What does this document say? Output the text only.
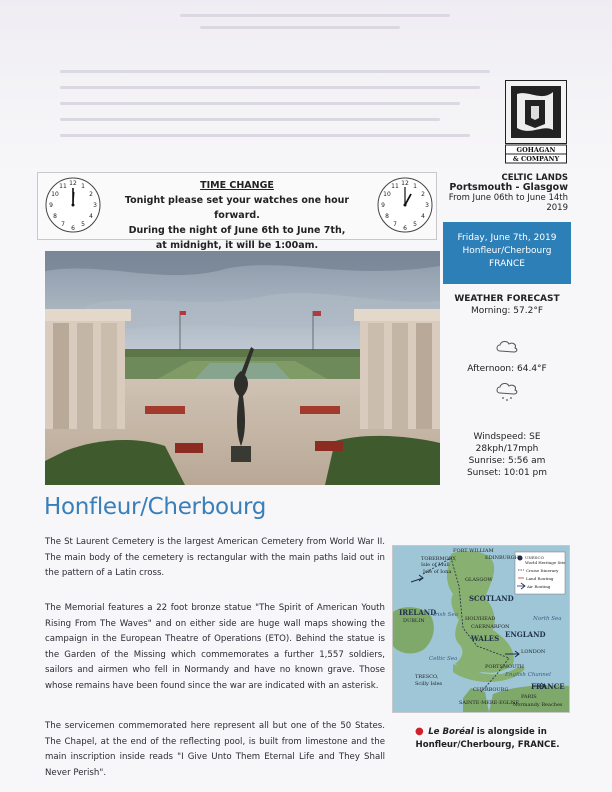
12 1
2
3
4
5
6
7
8
9
10
11	TIME CHANGE
Tonight please set your watches one hour forward.
During the night of June 6th to June 7th,
at midnight, it will be 1:00am.
12 1
2
3
4
5
6
7
8
9
10
11
GOHAGAN
& COMPANY
CELTIC LANDS
Portsmouth - Glasgow
From June 06th to June 14th 2019
Friday, June 7th, 2019
Honfleur/Cherbourg
FRANCE
WEATHER FORECAST
Morning: 57.2°F
Afternoon: 64.4°F
Windspeed: SE 28kph/17mph
Sunrise: 5:56 am
Sunset: 10:01 pm
Honfleur/Cherbourg
The St Laurent Cemetery is the largest American Cemetery from World War II. The main body of the cemetery is rectangular with the main paths laid out in the pattern of a Latin cross.
The Memorial features a 22 foot bronze statue "The Spirit of American Youth Rising From The Waves" and on either side are huge wall maps showing the campaign in the European Theatre of Operations (ETO). Behind the statue is the Garden of the Missing which commemorates a further 1,557 soldiers, sailors and airmen who fell in Normandy and have no known grave. Those whose remains have been found since the war are indicated with an asterisk.
The servicemen commemorated here represent all but one of the 50 States. The Chapel, at the end of the reflecting pool, is built from limestone and the main inscription inside reads "I Give Unto Them Eternal Life and They Shall Never Perish".
FORT WILLIAM
EDINBURGH
TOBERMORY,
Isle of Mull
Isle of Iona
GLASGOW
SCOTLAND
IRELAND
DUBLIN
Irish Sea
HOLYHEAD
CAERNARFON
WALES ENGLAND
North Sea
LONDON
Celtic Sea
PORTSMOUTH
English Channel
TRESCO,
Scilly Isles
CHERBOURG
PARIS
FRANCE
SAINTE-MERE-EGLISE
Normandy Beaches
UNESCO
World Heritage Site
Cruise Itinerary
Land Routing
Air Routing
● Le Boréal is alongside in Honfleur/Cherbourg, FRANCE.
